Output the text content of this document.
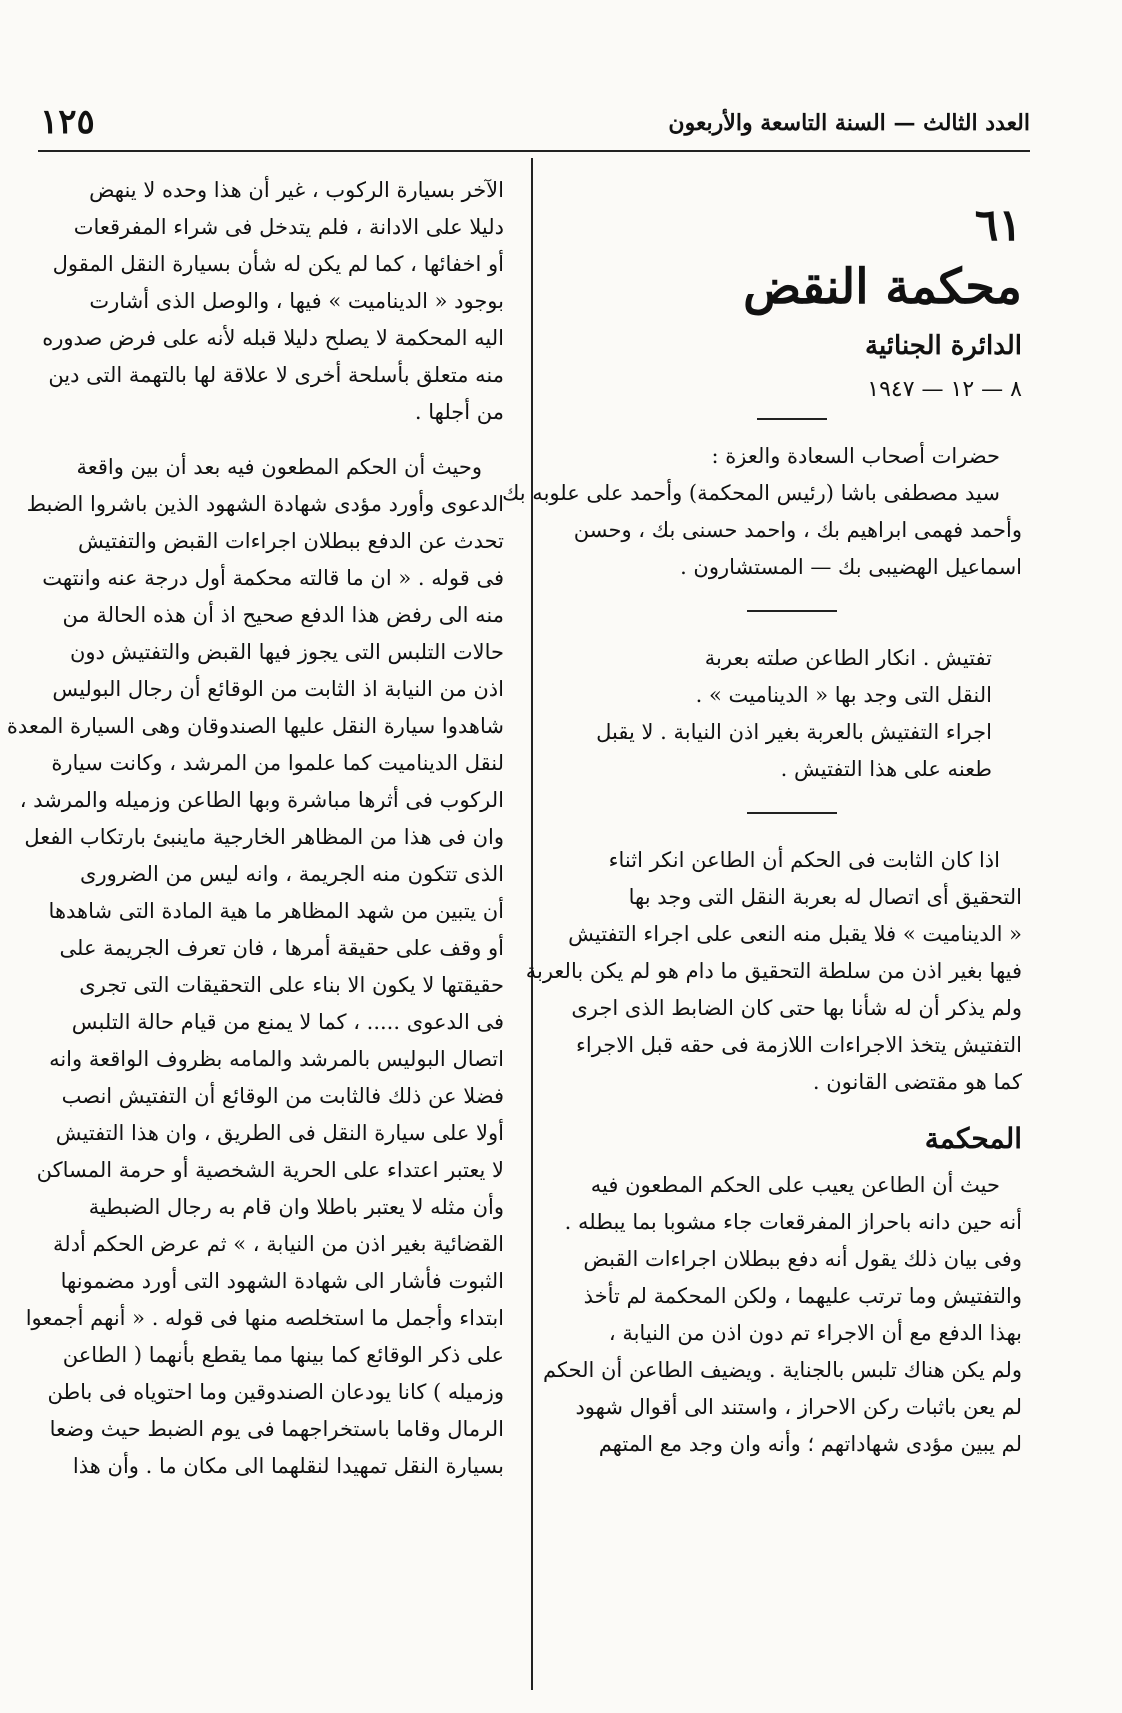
العدد الثالث — السنة التاسعة والأربعون
١٢٥
٦١
محكمة النقض
الدائرة الجنائية
٨ — ١٢ — ١٩٤٧
حضرات أصحاب السعادة والعزة :
سيد مصطفى باشا (رئيس المحكمة) وأحمد على علوبه بك
وأحمد فهمى ابراهيم بك ، واحمد حسنى بك ، وحسن
اسماعيل الهضيبى بك — المستشارون .
تفتيش . انكار الطاعن صلته بعربة
النقل التى وجد بها « الديناميت » .
اجراء التفتيش بالعربة بغير اذن النيابة . لا يقبل
طعنه على هذا التفتيش .
اذا كان الثابت فى الحكم أن الطاعن انكر اثناء
التحقيق أى اتصال له بعربة النقل التى وجد بها
« الديناميت » فلا يقبل منه النعى على اجراء التفتيش
فيها بغير اذن من سلطة التحقيق ما دام هو لم يكن بالعربة
ولم يذكر أن له شأنا بها حتى كان الضابط الذى اجرى
التفتيش يتخذ الاجراءات اللازمة فى حقه قبل الاجراء
كما هو مقتضى القانون .
المحكمة
حيث أن الطاعن يعيب على الحكم المطعون فيه
أنه حين دانه باحراز المفرقعات جاء مشوبا بما يبطله .
وفى بيان ذلك يقول أنه دفع ببطلان اجراءات القبض
والتفتيش وما ترتب عليهما ، ولكن المحكمة لم تأخذ
بهذا الدفع مع أن الاجراء تم دون اذن من النيابة ،
ولم يكن هناك تلبس بالجناية . ويضيف الطاعن أن الحكم
لم يعن باثبات ركن الاحراز ، واستند الى أقوال شهود
لم يبين مؤدى شهاداتهم ؛ وأنه وان وجد مع المتهم
الآخر بسيارة الركوب ، غير أن هذا وحده لا ينهض
دليلا على الادانة ، فلم يتدخل فى شراء المفرقعات
أو اخفائها ، كما لم يكن له شأن بسيارة النقل المقول
بوجود « الديناميت » فيها ، والوصل الذى أشارت
اليه المحكمة لا يصلح دليلا قبله لأنه على فرض صدوره
منه متعلق بأسلحة أخرى لا علاقة لها بالتهمة التى دين
من أجلها .
وحيث أن الحكم المطعون فيه بعد أن بين واقعة
الدعوى وأورد مؤدى شهادة الشهود الذين باشروا الضبط
تحدث عن الدفع ببطلان اجراءات القبض والتفتيش
فى قوله . « ان ما قالته محكمة أول درجة عنه وانتهت
منه الى رفض هذا الدفع صحيح اذ أن هذه الحالة من
حالات التلبس التى يجوز فيها القبض والتفتيش دون
اذن من النيابة اذ الثابت من الوقائع أن رجال البوليس
شاهدوا سيارة النقل عليها الصندوقان وهى السيارة المعدة
لنقل الديناميت كما علموا من المرشد ، وكانت سيارة
الركوب فى أثرها مباشرة وبها الطاعن وزميله والمرشد ،
وان فى هذا من المظاهر الخارجية ماينبئ بارتكاب الفعل
الذى تتكون منه الجريمة ، وانه ليس من الضرورى
أن يتبين من شهد المظاهر ما هية المادة التى شاهدها
أو وقف على حقيقة أمرها ، فان تعرف الجريمة على
حقيقتها لا يكون الا بناء على التحقيقات التى تجرى
فى الدعوى ..... ، كما لا يمنع من قيام حالة التلبس
اتصال البوليس بالمرشد والمامه بظروف الواقعة وانه
فضلا عن ذلك فالثابت من الوقائع أن التفتيش انصب
أولا على سيارة النقل فى الطريق ، وان هذا التفتيش
لا يعتبر اعتداء على الحرية الشخصية أو حرمة المساكن
وأن مثله لا يعتبر باطلا وان قام به رجال الضبطية
القضائية بغير اذن من النيابة ، » ثم عرض الحكم أدلة
الثبوت فأشار الى شهادة الشهود التى أورد مضمونها
ابتداء وأجمل ما استخلصه منها فى قوله . « أنهم أجمعوا
على ذكر الوقائع كما بينها مما يقطع بأنهما ( الطاعن
وزميله ) كانا يودعان الصندوقين وما احتوياه فى باطن
الرمال وقاما باستخراجهما فى يوم الضبط حيث وضعا
بسيارة النقل تمهيدا لنقلهما الى مكان ما . وأن هذا
